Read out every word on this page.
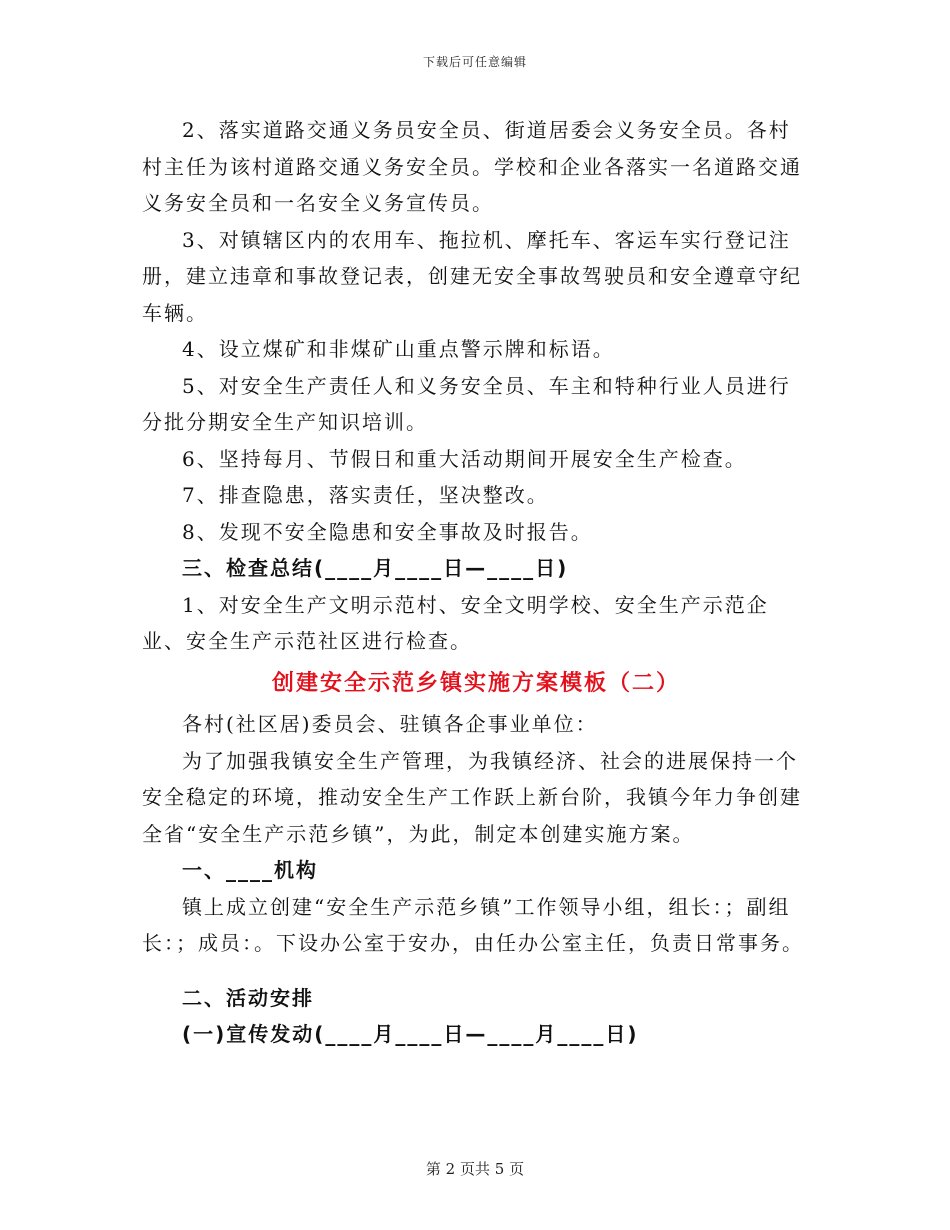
下载后可任意编辑

2、落实道路交通义务员安全员、街道居委会义务安全员。各村村主任为该村道路交通义务安全员。学校和企业各落实一名道路交通义务安全员和一名安全义务宣传员。

3、对镇辖区内的农用车、拖拉机、摩托车、客运车实行登记注册，建立违章和事故登记表，创建无安全事故驾驶员和安全遵章守纪车辆。

4、设立煤矿和非煤矿山重点警示牌和标语。

5、对安全生产责任人和义务安全员、车主和特种行业人员进行分批分期安全生产知识培训。

6、坚持每月、节假日和重大活动期间开展安全生产检查。

7、排查隐患，落实责任，坚决整改。

8、发现不安全隐患和安全事故及时报告。

三、检查总结(____月____日—____日)

1、对安全生产文明示范村、安全文明学校、安全生产示范企业、安全生产示范社区进行检查。

创建安全示范乡镇实施方案模板（二）

各村(社区居)委员会、驻镇各企事业单位：

为了加强我镇安全生产管理，为我镇经济、社会的进展保持一个安全稳定的环境，推动安全生产工作跃上新台阶，我镇今年力争创建全省“安全生产示范乡镇”，为此，制定本创建实施方案。

一、____机构

镇上成立创建“安全生产示范乡镇”工作领导小组，组长：；副组长：；成员：。下设办公室于安办，由任办公室主任，负责日常事务。

二、活动安排

(一)宣传发动(____月____日—____月____日)

第 2 页共 5 页
